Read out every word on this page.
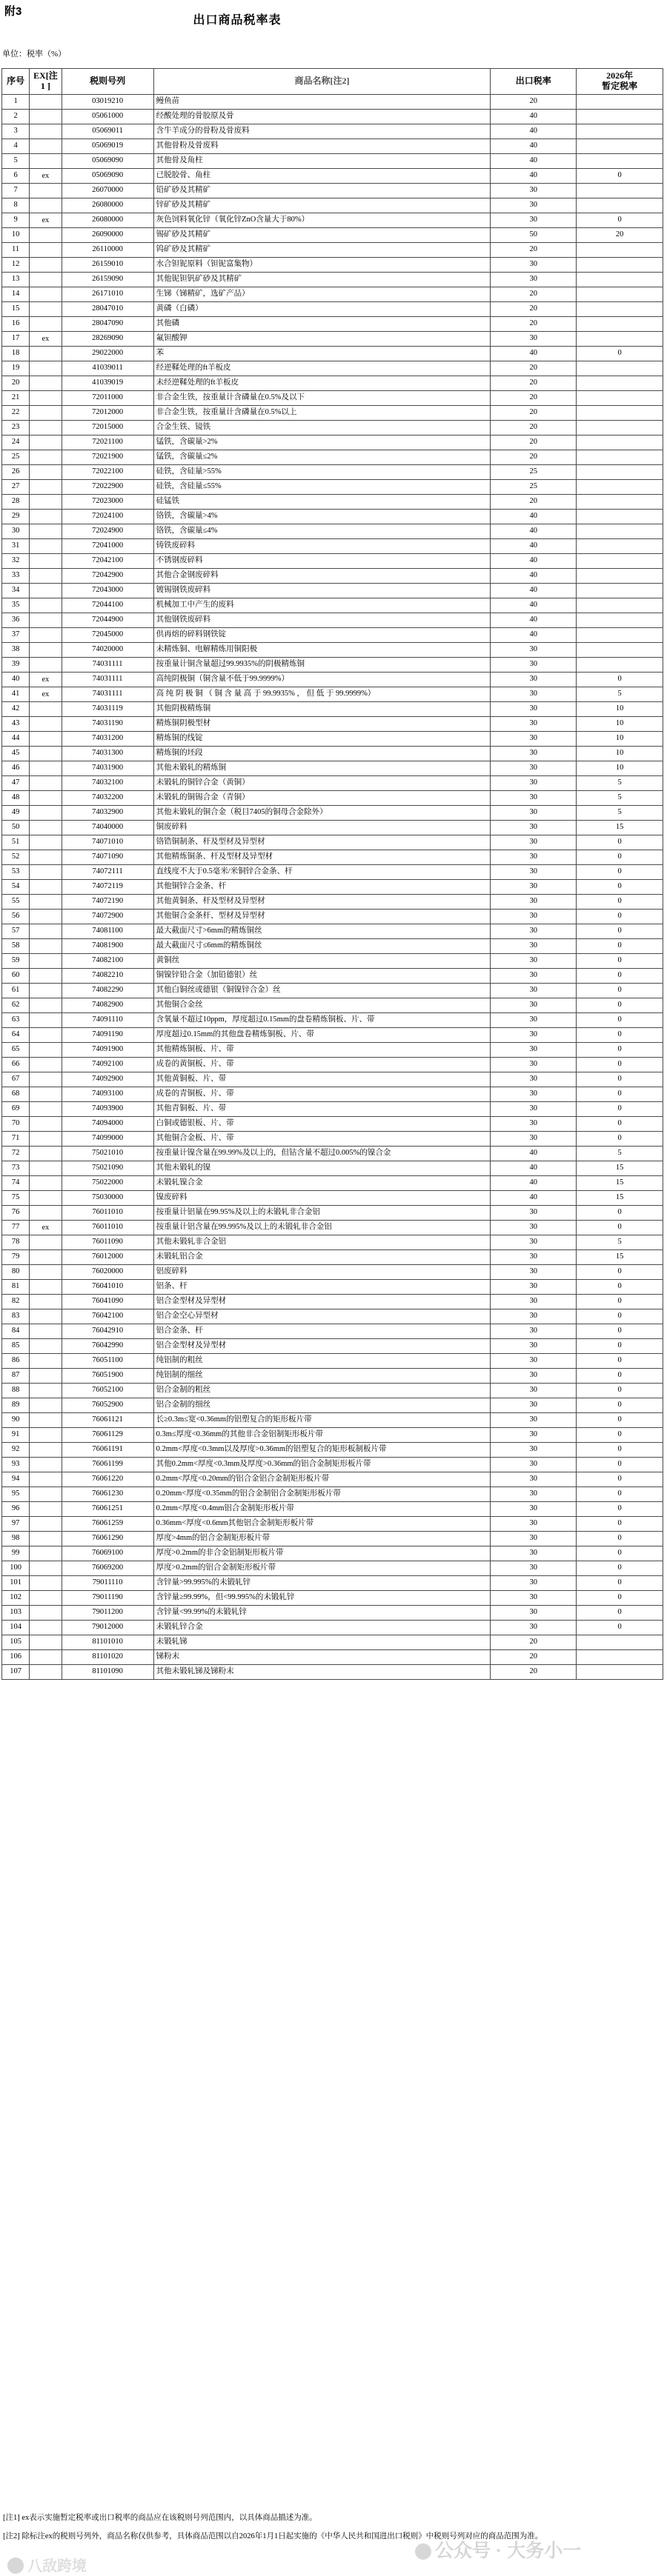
附3
出口商品税率表
单位：税率（%）
序号	EX[注1 ]	税则号列	商品名称[注2]	出口税率	2026年
暂定税率
1		03019210	鳗鱼苗	20	
2		05061000	经酸处理的骨胶原及骨	40	
3		05069011	含牛羊成分的骨粉及骨废料	40	
4		05069019	其他骨粉及骨废料	40	
5		05069090	其他骨及角柱	40	
6	ex	05069090	已脱胶骨、角柱	40	0
7		26070000	铅矿砂及其精矿	30	
8		26080000	锌矿砂及其精矿	30	
9	ex	26080000	灰色饲料氧化锌（氧化锌ZnO含量大于80%）	30	0
10		26090000	锡矿砂及其精矿	50	20
11		26110000	钨矿砂及其精矿	20	
12		26159010	水合钽铌原料（钽铌富集物）	30	
13		26159090	其他铌钽钒矿砂及其精矿	30	
14		26171010	生锑（锑精矿，选矿产品）	20	
15		28047010	黄磷（白磷）	20	
16		28047090	其他磷	20	
17	ex	28269090	氟钽酸钾	30	
18		29022000	苯	40	0
19		41039011	经逆鞣处理的ft羊板皮	20	
20		41039019	未经逆鞣处理的ft羊板皮	20	
21		72011000	非合金生铁，按重量计含磷量在0.5%及以下	20	
22		72012000	非合金生铁，按重量计含磷量在0.5%以上	20	
23		72015000	合金生铁、镜铁	20	
24		72021100	锰铁，含碳量>2%	20	
25		72021900	锰铁，含碳量≤2%	20	
26		72022100	硅铁，含硅量>55%	25	
27		72022900	硅铁，含硅量≤55%	25	
28		72023000	硅锰铁	20	
29		72024100	铬铁，含碳量>4%	40	
30		72024900	铬铁，含碳量≤4%	40	
31		72041000	铸铁废碎料	40	
32		72042100	不锈钢废碎料	40	
33		72042900	其他合金钢废碎料	40	
34		72043000	镀锡钢铁废碎料	40	
35		72044100	机械加工中产生的废料	40	
36		72044900	其他钢铁废碎料	40	
37		72045000	供再熔的碎料钢铁锭	40	
38		74020000	未精炼铜、电解精炼用铜阳极	30	
39		74031111	按重量计铜含量超过99.9935%的阴极精炼铜	30	
40	ex	74031111	高纯阴极铜（铜含量不低于99.9999%）	30	0
41	ex	74031111	高 纯 阴 极 铜 （ 铜 含 量 高 于 99.9935% ， 但 低 于 99.9999%）	30	5
42		74031119	其他阴极精炼铜	30	10
43		74031190	精炼铜阴极型材	30	10
44		74031200	精炼铜的线锭	30	10
45		74031300	精炼铜的坯段	30	10
46		74031900	其他未锻轧的精炼铜	30	10
47		74032100	未锻轧的铜锌合金（黄铜）	30	5
48		74032200	未锻轧的铜锡合金（青铜）	30	5
49		74032900	其他未锻轧的铜合金（税目7405的铜母合金除外）	30	5
50		74040000	铜废碎料	30	15
51		74071010	铬锆铜制条、杆及型材及异型材	30	0
52		74071090	其他精炼铜条、杆及型材及异型材	30	0
53		74072111	直线度不大于0.5毫米/米铜锌合金条、杆	30	0
54		74072119	其他铜锌合金条、杆	30	0
55		74072190	其他黄铜条、杆及型材及异型材	30	0
56		74072900	其他铜合金条杆、型材及异型材	30	0
57		74081100	最大截面尺寸>6mm的精炼铜丝	30	0
58		74081900	最大截面尺寸≤6mm的精炼铜丝	30	0
59		74082100	黄铜丝	30	0
60		74082210	铜镍锌铅合金（加铅德银）丝	30	0
61		74082290	其他白铜丝或德银（铜镍锌合金）丝	30	0
62		74082900	其他铜合金丝	30	0
63		74091110	含氧量不超过10ppm，厚度超过0.15mm的盘卷精炼铜板、片、带	30	0
64		74091190	厚度超过0.15mm的其他盘卷精炼铜板、片、带	30	0
65		74091900	其他精炼铜板、片、带	30	0
66		74092100	成卷的黄铜板、片、带	30	0
67		74092900	其他黄铜板、片、带	30	0
68		74093100	成卷的青铜板、片、带	30	0
69		74093900	其他青铜板、片、带	30	0
70		74094000	白铜或德银板、片、带	30	0
71		74099000	其他铜合金板、片、带	30	0
72		75021010	按重量计镍含量在99.99%及以上的，但钴含量不超过0.005%的镍合金	40	5
73		75021090	其他未锻轧的镍	40	15
74		75022000	未锻轧镍合金	40	15
75		75030000	镍废碎料	40	15
76		76011010	按重量计铝量在99.95%及以上的未锻轧非合金铝	30	0
77	ex	76011010	按重量计铝含量在99.995%及以上的未锻轧非合金铝	30	0
78		76011090	其他未锻轧非合金铝	30	5
79		76012000	未锻轧铝合金	30	15
80		76020000	铝废碎料	30	0
81		76041010	铝条、杆	30	0
82		76041090	铝合金型材及异型材	30	0
83		76042100	铝合金空心异型材	30	0
84		76042910	铝合金条、杆	30	0
85		76042990	铝合金型材及异型材	30	0
86		76051100	纯铝制的粗丝	30	0
87		76051900	纯铝制的细丝	30	0
88		76052100	铝合金制的粗丝	30	0
89		76052900	铝合金制的细丝	30	0
90		76061121	长≥0.3m≤宽<0.36mm的铝塑复合的矩形板片带	30	0
91		76061129	0.3m≤厚度<0.36mm的其他非合金铝制矩形板片带	30	0
92		76061191	0.2mm<厚度<0.3mm以及厚度>0.36mm的铝塑复合的矩形板制板片带	30	0
93		76061199	其他0.2mm<厚度<0.3mm及厚度>0.36mm的铝合金制矩形板片带	30	0
94		76061220	0.2mm<厚度<0.20mm的铝合金铝合金制矩形板片带	30	0
95		76061230	0.20mm<厚度<0.35mm的铝合金制铝合金制矩形板片带	30	0
96		76061251	0.2mm<厚度<0.4mm铝合金制矩形板片带	30	0
97		76061259	0.36mm<厚度<0.6mm其他铝合金制矩形板片带	30	0
98		76061290	厚度>4mm的铝合金制矩形板片带	30	0
99		76069100	厚度>0.2mm的非合金铝制矩形板片带	30	0
100		76069200	厚度>0.2mm的铝合金制矩形板片带	30	0
101		79011110	含锌量>99.995%的未锻轧锌	30	0
102		79011190	含锌量≥99.99%，但<99.995%的未锻轧锌	30	0
103		79011200	含锌量<99.99%的未锻轧锌	30	0
104		79012000	未锻轧锌合金	30	0
105		81101010	未锻轧锑	20	
106		81101020	锑粉末	20	
107		81101090	其他未锻轧锑及锑粉末	20	

[注1] ex表示实施暂定税率或出口税率的商品应在该税则号列范围内，以具体商品描述为准。

[注2] 除标注ex的税则号列外，商品名称仅供参考，具体商品范围以自2026年1月1日起实施的《中华人民共和国进出口税则》中税则号列对应的商品范围为准。

公众号 · 大务小一
八敌跨境
